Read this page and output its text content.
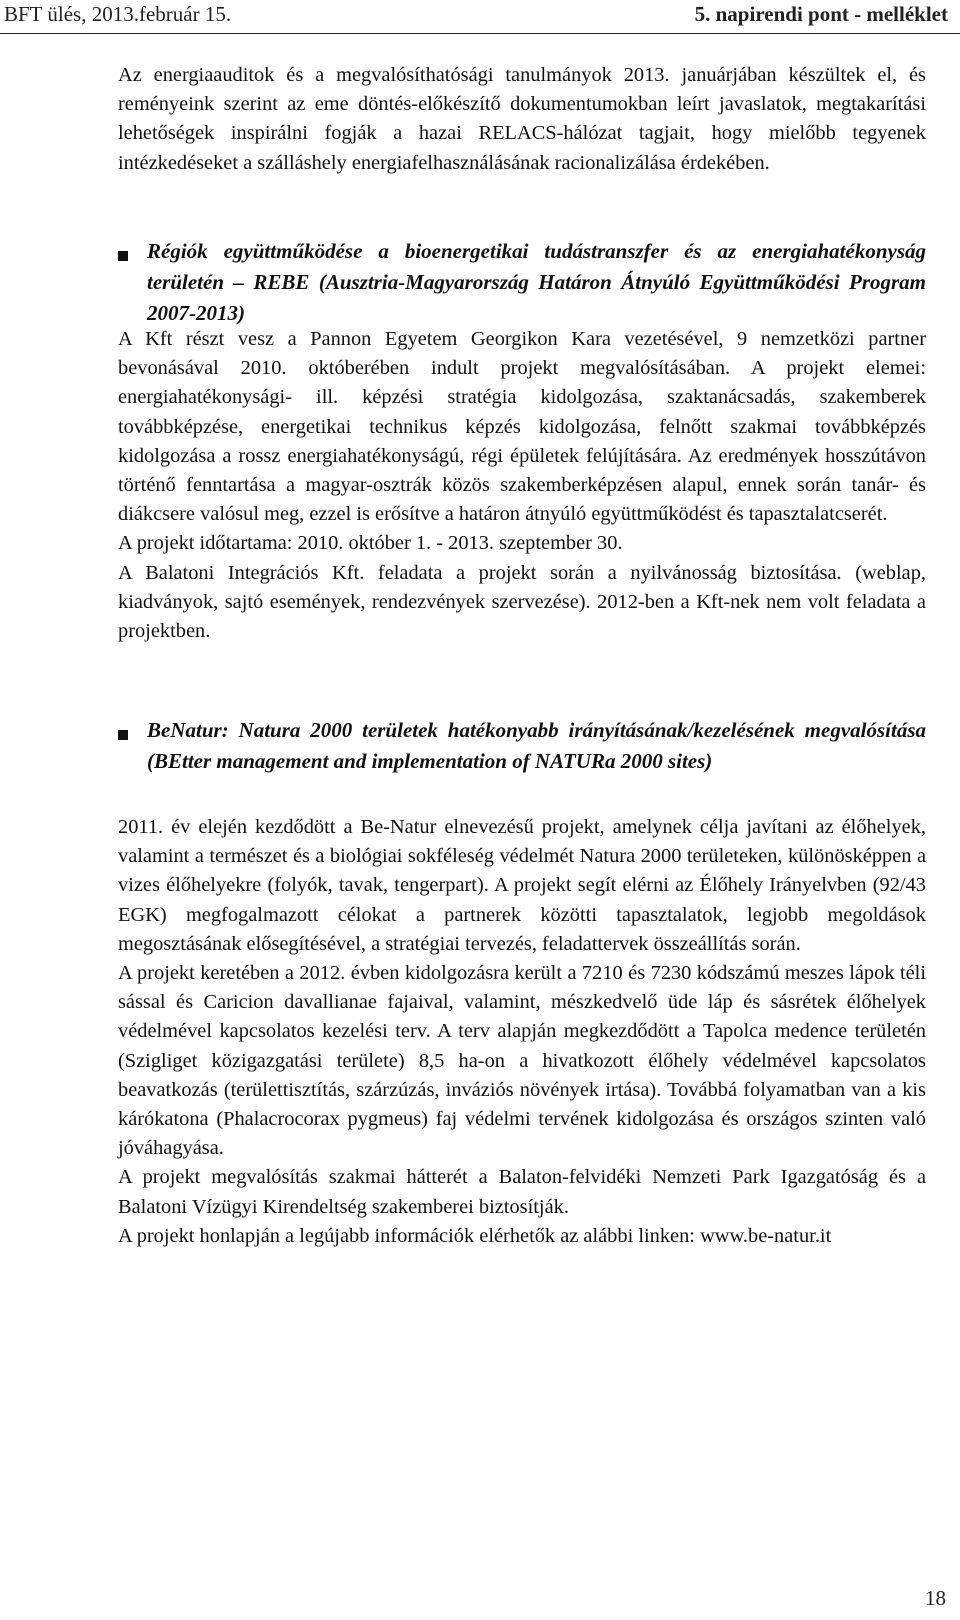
BFT ülés, 2013.február 15.	5. napirendi pont - melléklet

Az energiaauditok és a megvalósíthatósági tanulmányok 2013. januárjában készültek el, és reményeink szerint az eme döntés-előkészítő dokumentumokban leírt javaslatok, megtakarítási lehetőségek inspirálni fogják a hazai RELACS-hálózat tagjait, hogy mielőbb tegyenek intézkedéseket a szálláshely energiafelhasználásának racionalizálása érdekében.

Régiók együttműködése a bioenergetikai tudástranszfer és az energiahatékonyság területén – REBE (Ausztria-Magyarország Határon Átnyúló Együttműködési Program 2007-2013)

A Kft részt vesz a Pannon Egyetem Georgikon Kara vezetésével, 9 nemzetközi partner bevonásával 2010. októberében indult projekt megvalósításában. A projekt elemei: energiahatékonysági- ill. képzési stratégia kidolgozása, szaktanácsadás, szakemberek továbbképzése, energetikai technikus képzés kidolgozása, felnőtt szakmai továbbképzés kidolgozása a rossz energiahatékonyságú, régi épületek felújítására. Az eredmények hosszútávon történő fenntartása a magyar-osztrák közös szakemberképzésen alapul, ennek során tanár- és diákcsere valósul meg, ezzel is erősítve a határon átnyúló együttműködést és tapasztalatcserét.

A projekt időtartama: 2010. október 1. - 2013. szeptember 30.

A Balatoni Integrációs Kft. feladata a projekt során a nyilvánosság biztosítása. (weblap, kiadványok, sajtó események, rendezvények szervezése). 2012-ben a Kft-nek nem volt feladata a projektben.

BeNatur: Natura 2000 területek hatékonyabb irányításának/kezelésének megvalósítása (BEtter management and implementation of NATURa 2000 sites)

2011. év elején kezdődött a Be-Natur elnevezésű projekt, amelynek célja javítani az élőhelyek, valamint a természet és a biológiai sokféleség védelmét Natura 2000 területeken, különösképpen a vizes élőhelyekre (folyók, tavak, tengerpart). A projekt segít elérni az Élőhely Irányelvben (92/43 EGK) megfogalmazott célokat a partnerek közötti tapasztalatok, legjobb megoldások megosztásának elősegítésével, a stratégiai tervezés, feladattervek összeállítás során.

A projekt keretében a 2012. évben kidolgozásra került a 7210 és 7230 kódszámú meszes lápok téli sással és Caricion davallianae fajaival, valamint, mészkedvelő üde láp és sásrétek élőhelyek védelmével kapcsolatos kezelési terv. A terv alapján megkezdődött a Tapolca medence területén (Szigliget közigazgatási területe) 8,5 ha-on a hivatkozott élőhely védelmével kapcsolatos beavatkozás (területtisztítás, szárzúzás, inváziós növények irtása). Továbbá folyamatban van a kis kárókatona (Phalacrocorax pygmeus) faj védelmi tervének kidolgozása és országos szinten való jóváhagyása.

A projekt megvalósítás szakmai hátterét a Balaton-felvidéki Nemzeti Park Igazgatóság és a Balatoni Vízügyi Kirendeltség szakemberei biztosítják.

A projekt honlapján a legújabb információk elérhetők az alábbi linken: www.be-natur.it

18
